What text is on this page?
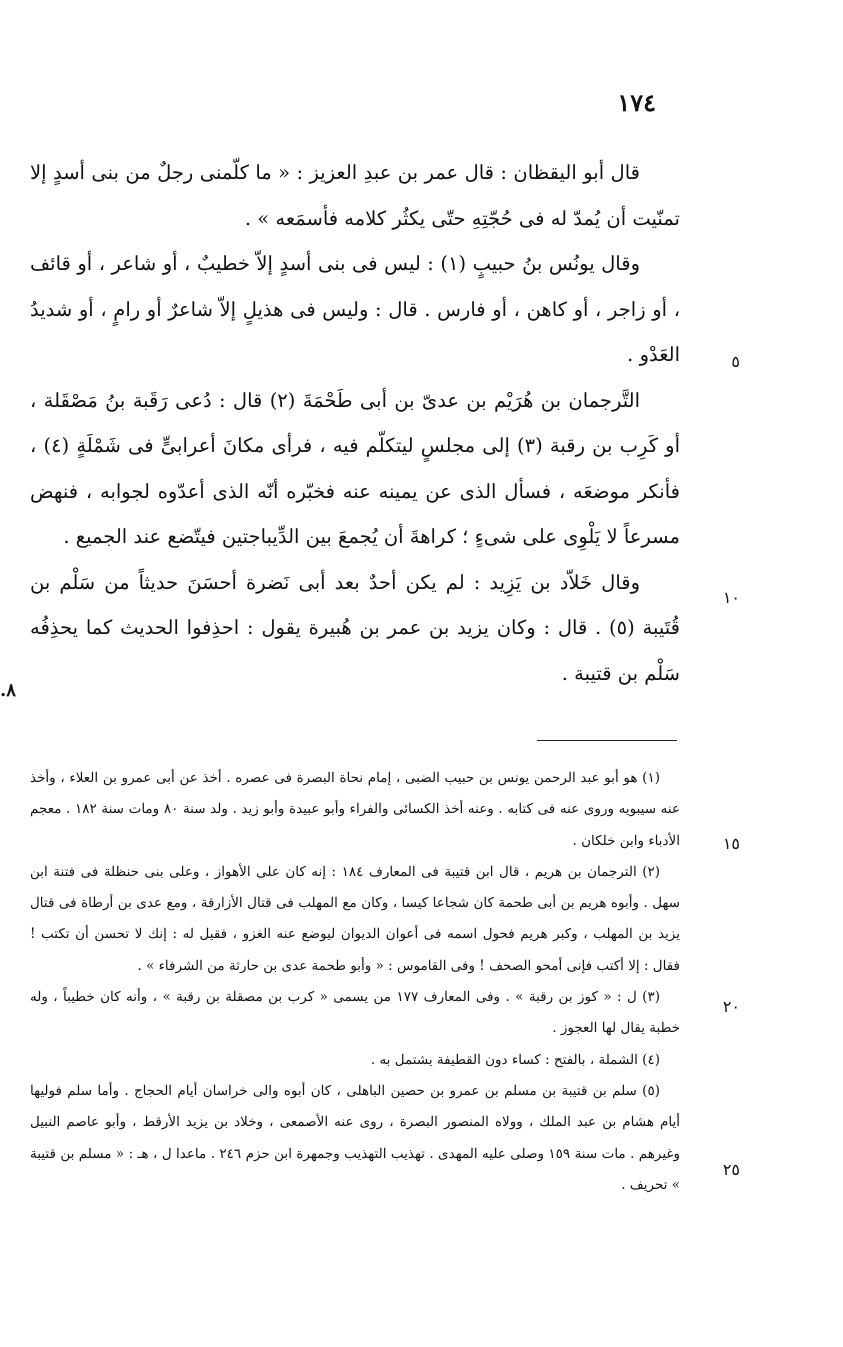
١٧٤

قال أبو اليقظان : قال عمر بن عبدِ العزيز : « ما كلّمنى رجلٌ من بنى أسدٍ إلا تمنّيت أن يُمدّ له فى حُجّتِهِ حتّى يكثُر كلامه فأسمَعه » .

وقال يونُس بنُ حبيبٍ (١) : ليس فى بنى أسدٍ إلاّ خطيبٌ ، أو شاعر ، أو قائف ، أو زاجر ، أو كاهن ، أو فارس . قال : وليس فى هذيلٍ إلاّ شاعرٌ أو رامٍ ، أو شديدُ العَدْو .

التَّرجمان بن هُرَيْم بن عدىّ بن أبى طَحْمَةَ (٢) قال : دُعى رَقَبة بنُ مَصْقَلة ، أو كَرِب بن رقبة (٣) إلى مجلسٍ ليتكلّم فيه ، فرأى مكانَ أعرابىٍّ فى شَمْلَةٍ (٤) ، فأنكر موضعَه ، فسأل الذى عن يمينه عنه فخبّره أنّه الذى أعدّوه لجوابه ، فنهض مسرعاً لا يَلْوِى على شىءٍ ؛ كراهةَ أن يُجمعَ بين الدِّيباجتين فيتّضع عند الجميع .

وقال خَلاّد بن يَزِيد : لم يكن أحدٌ بعد أبى نَضرة أحسَنَ حديثاً من سَلْم بن قُتَيبة (٥) . قال : وكان يزيد بن عمر بن هُبيرة يقول : احذِفوا الحديث كما يحذِفُه سَلْم بن قتيبة .

٥
١٠
.٨

(١) هو أبو عبد الرحمن يونس بن حبيب الضبى ، إمام نحاة البصرة فى عصره . أخذ عن أبى عمرو بن العلاء ، وأخذ عنه سيبويه وروى عنه فى كتابه . وعنه أخذ الكسائى والفراء وأبو عبيدة وأبو زيد . ولد سنة ٨٠ ومات سنة ١٨٢ . معجم الأدباء وابن خلكان .

(٢) الترجمان بن هريم ، قال ابن قتيبة فى المعارف ١٨٤ : إنه كان على الأهواز ، وعلى بنى حنظلة فى فتنة ابن سهل . وأبوه هريم بن أبى طحمة كان شجاعا كيسا ، وكان مع المهلب فى قتال الأزارقة ، ومع عدى بن أرطاة فى قتال يزيد بن المهلب ، وكبر هريم فحول اسمه فى أعوان الديوان ليوضع عنه الغزو ، فقيل له : إنك لا تحسن أن تكتب ! فقال : إلا أكتب فإنى أمحو الصحف ! وفى القاموس : « وأبو طحمة عدى بن حارثة من الشرفاء » .

(٣) ل : « كوز بن رقبة » . وفى المعارف ١٧٧ من يسمى « كرب بن مصقلة بن رقبة » ، وأنه كان خطيباً ، وله خطبة يقال لها العجوز .

(٤) الشملة ، بالفتح : كساء دون القطيفة يشتمل به .

(٥) سلم بن قتيبة بن مسلم بن عمرو بن حصين الباهلى ، كان أبوه والى خراسان أيام الحجاج . وأما سلم فوليها أيام هشام بن عبد الملك ، وولاه المنصور البصرة ، روى عنه الأصمعى ، وخلاد بن يزيد الأرقط ، وأبو عاصم النبيل وغيرهم . مات سنة ١٥٩ وصلى عليه المهدى . تهذيب التهذيب وجمهرة ابن حزم ٢٤٦ . ماعدا ل ، هـ : « مسلم بن قتيبة » تحريف .

١٥
٢٠
٢٥
